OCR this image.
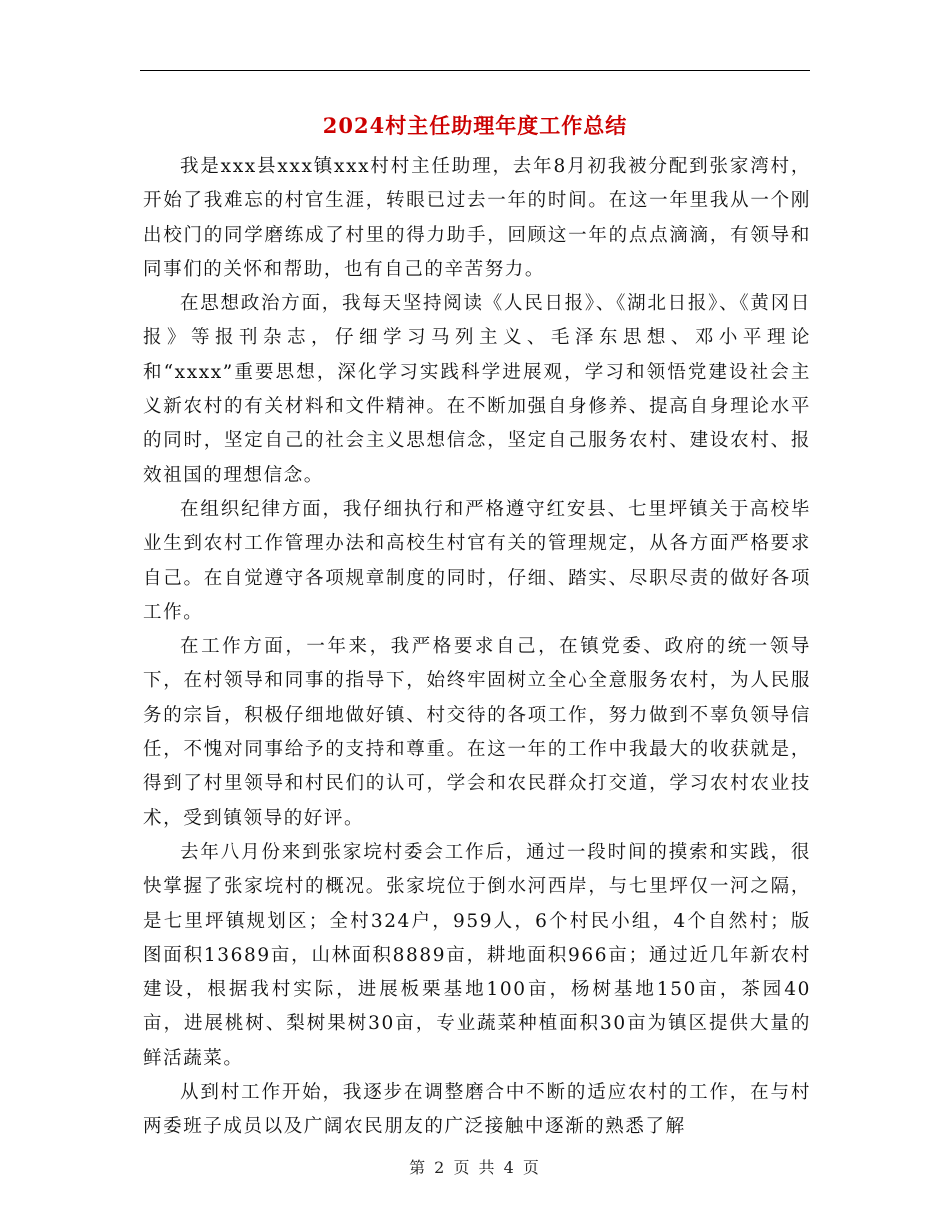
2024村主任助理年度工作总结

我是xxx县xxx镇xxx村村主任助理，去年8月初我被分配到张家湾村，开始了我难忘的村官生涯，转眼已过去一年的时间。在这一年里我从一个刚出校门的同学磨练成了村里的得力助手，回顾这一年的点点滴滴，有领导和同事们的关怀和帮助，也有自己的辛苦努力。

在思想政治方面，我每天坚持阅读《人民日报》、《湖北日报》、《黄冈日报》等报刊杂志，仔细学习马列主义、毛泽东思想、邓小平理论和“xxxx”重要思想，深化学习实践科学进展观，学习和领悟党建设社会主义新农村的有关材料和文件精神。在不断加强自身修养、提高自身理论水平的同时，坚定自己的社会主义思想信念，坚定自己服务农村、建设农村、报效祖国的理想信念。

在组织纪律方面，我仔细执行和严格遵守红安县、七里坪镇关于高校毕业生到农村工作管理办法和高校生村官有关的管理规定，从各方面严格要求自己。在自觉遵守各项规章制度的同时，仔细、踏实、尽职尽责的做好各项工作。

在工作方面，一年来，我严格要求自己，在镇党委、政府的统一领导下，在村领导和同事的指导下，始终牢固树立全心全意服务农村，为人民服务的宗旨，积极仔细地做好镇、村交待的各项工作，努力做到不辜负领导信任，不愧对同事给予的支持和尊重。在这一年的工作中我最大的收获就是，得到了村里领导和村民们的认可，学会和农民群众打交道，学习农村农业技术，受到镇领导的好评。

去年八月份来到张家垸村委会工作后，通过一段时间的摸索和实践，很快掌握了张家垸村的概况。张家垸位于倒水河西岸，与七里坪仅一河之隔，是七里坪镇规划区；全村324户，959人，6个村民小组，4个自然村；版图面积13689亩，山林面积8889亩，耕地面积966亩；通过近几年新农村建设，根据我村实际，进展板栗基地100亩，杨树基地150亩，茶园40亩，进展桃树、梨树果树30亩，专业蔬菜种植面积30亩为镇区提供大量的鲜活蔬菜。

从到村工作开始，我逐步在调整磨合中不断的适应农村的工作，在与村两委班子成员以及广阔农民朋友的广泛接触中逐渐的熟悉了解

第 2 页 共 4 页
